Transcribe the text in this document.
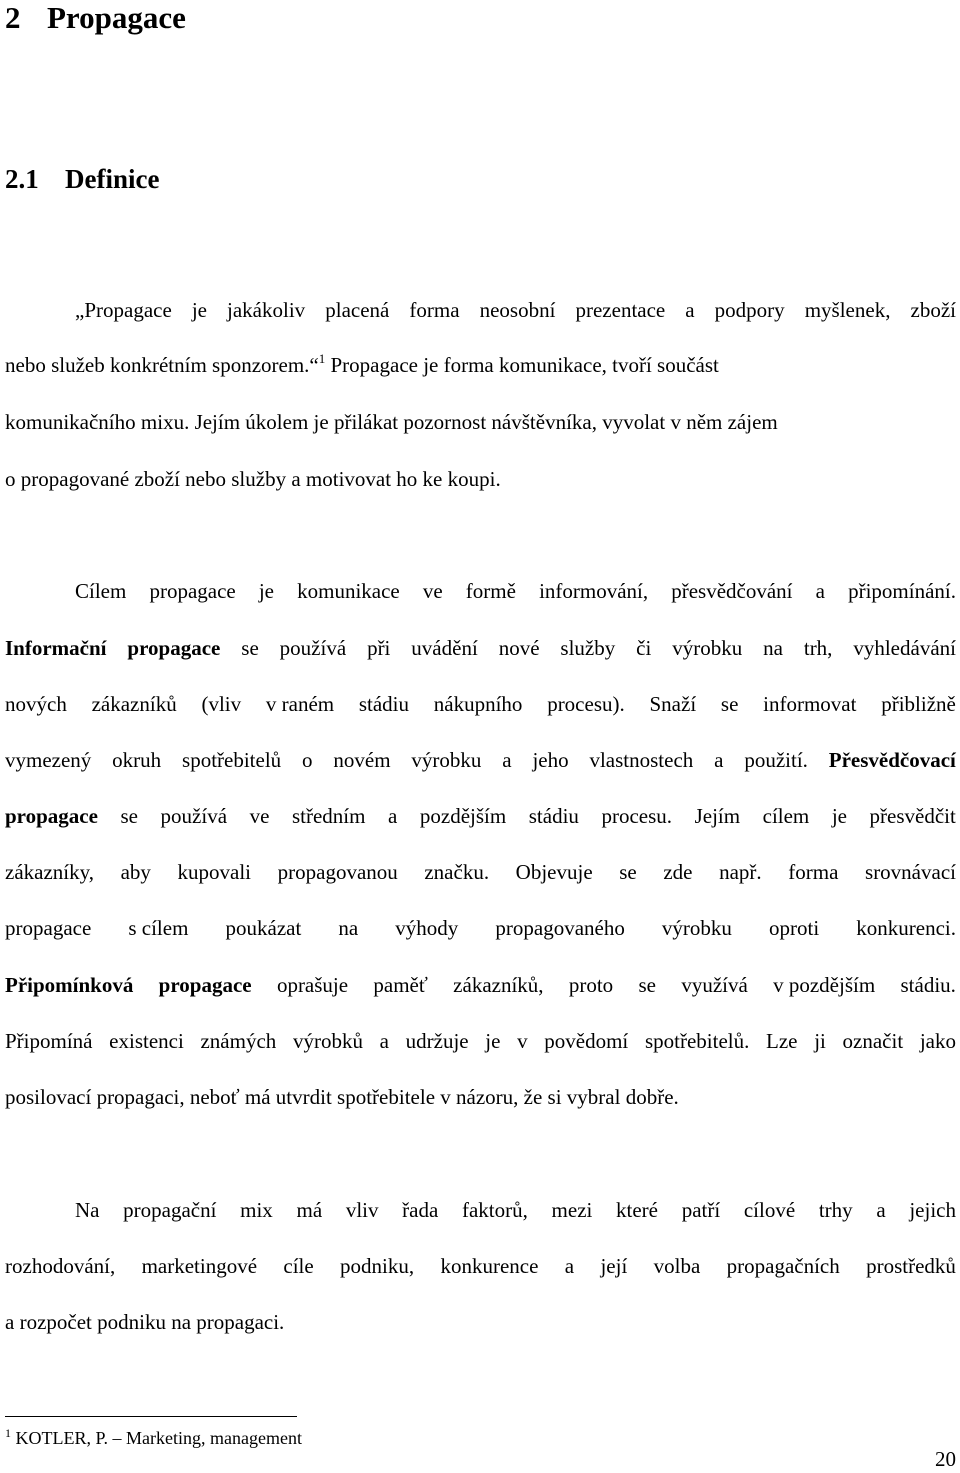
2 Propagace
2.1 Definice
„Propagace je jakákoliv placená forma neosobní prezentace a podpory myšlenek, zboží
nebo služeb konkrétním sponzorem.“$^1$ Propagace je forma komunikace, tvoří součást
komunikačního mixu. Jejím úkolem je přilákat pozornost návštěvníka, vyvolat v něm zájem
o propagované zboží nebo služby a motivovat ho ke koupi.
Cílem propagace je komunikace ve formě informování, přesvědčování a připomínání.
Informační propagace se používá při uvádění nové služby či výrobku na trh, vyhledávání
nových zákazníků (vliv v raném stádiu nákupního procesu). Snaží se informovat přibližně
vymezený okruh spotřebitelů o novém výrobku a jeho vlastnostech a použití. Přesvědčovací
propagace se používá ve středním a pozdějším stádiu procesu. Jejím cílem je přesvědčit
zákazníky, aby kupovali propagovanou značku. Objevuje se zde např. forma srovnávací
propagace s cílem poukázat na výhody propagovaného výrobku oproti konkurenci.
Připomínková propagace oprašuje paměť zákazníků, proto se využívá v pozdějším stádiu.
Připomíná existenci známých výrobků a udržuje je v povědomí spotřebitelů. Lze ji označit jako
posilovací propagaci, neboť má utvrdit spotřebitele v názoru, že si vybral dobře.
Na propagační mix má vliv řada faktorů, mezi které patří cílové trhy a jejich
rozhodování, marketingové cíle podniku, konkurence a její volba propagačních prostředků
a rozpočet podniku na propagaci.
$^1$ KOTLER, P. – Marketing, management
20
